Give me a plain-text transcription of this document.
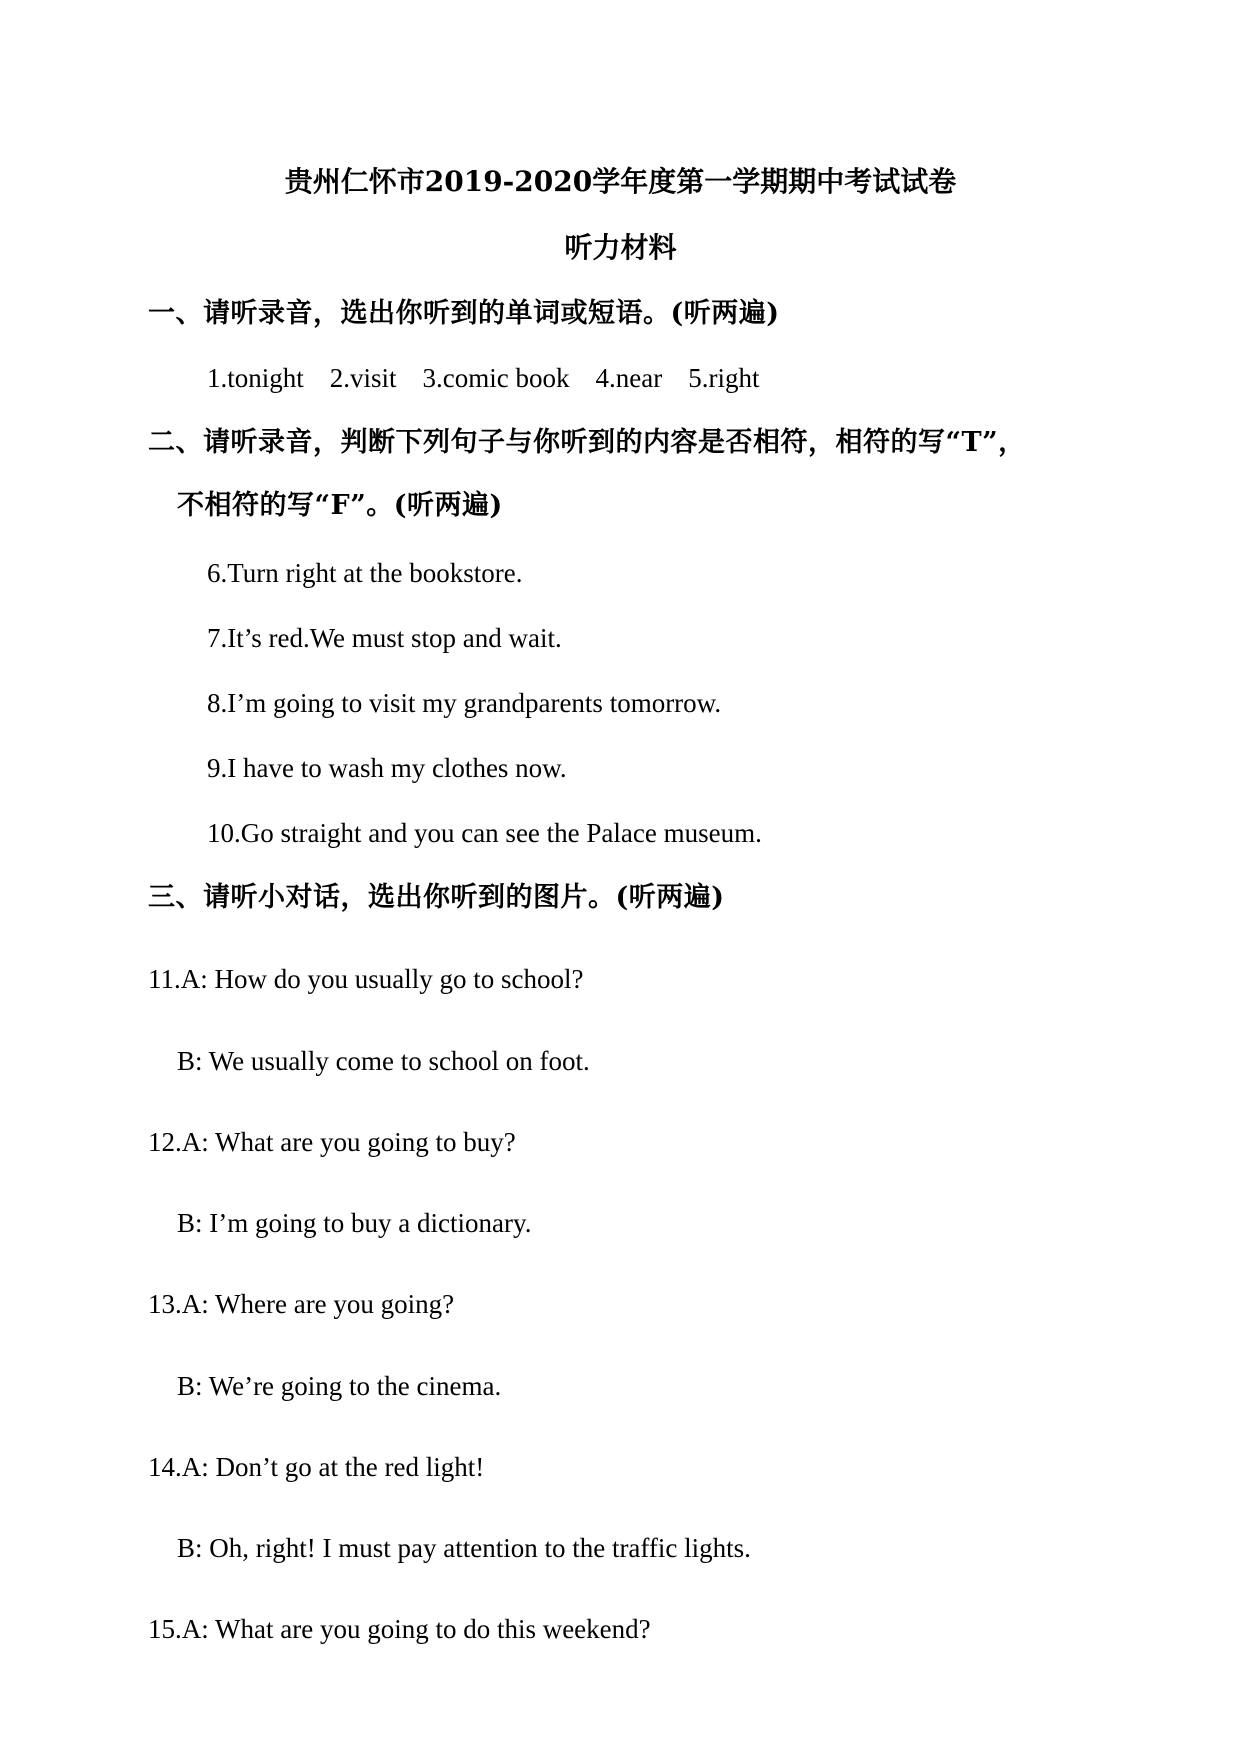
贵州仁怀市2019-2020学年度第一学期期中考试试卷
听力材料
一、请听录音，选出你听到的单词或短语。(听两遍)
1.tonight 2.visit 3.comic book 4.near 5.right
二、请听录音，判断下列句子与你听到的内容是否相符，相符的写“T”，
不相符的写“F”。(听两遍)
6.Turn right at the bookstore.
7.It’s red.We must stop and wait.
8.I’m going to visit my grandparents tomorrow.
9.I have to wash my clothes now.
10.Go straight and you can see the Palace museum.
三、请听小对话，选出你听到的图片。(听两遍)
11.A: How do you usually go to school?
B: We usually come to school on foot.
12.A: What are you going to buy?
B: I’m going to buy a dictionary.
13.A: Where are you going?
B: We’re going to the cinema.
14.A: Don’t go at the red light!
B: Oh, right! I must pay attention to the traffic lights.
15.A: What are you going to do this weekend?
